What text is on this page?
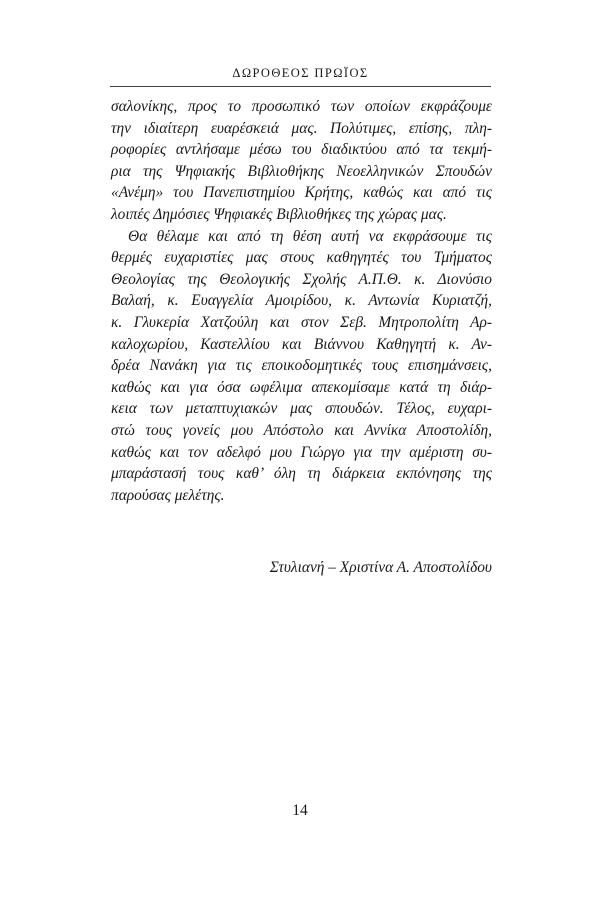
ΔΩΡΟΘΕΟΣ ΠΡΩΪΟΣ
σαλονίκης, προς το προσωπικό των οποίων εκφράζουμε
την ιδιαίτερη ευαρέσκειά μας. Πολύτιμες, επίσης, πλη-
ροφορίες αντλήσαμε μέσω του διαδικτύου από τα τεκμή-
ρια της Ψηφιακής Βιβλιοθήκης Νεοελληνικών Σπουδών
«Ανέμη» του Πανεπιστημίου Κρήτης, καθώς και από τις
λοιπές Δημόσιες Ψηφιακές Βιβλιοθήκες της χώρας μας.
Θα θέλαμε και από τη θέση αυτή να εκφράσουμε τις
θερμές ευχαριστίες μας στους καθηγητές του Τμήματος
Θεολογίας της Θεολογικής Σχολής Α.Π.Θ. κ. Διονύσιο
Βαλαή, κ. Ευαγγελία Αμοιρίδου, κ. Αντωνία Κυριατζή,
κ. Γλυκερία Χατζούλη και στον Σεβ. Μητροπολίτη Αρ-
καλοχωρίου, Καστελλίου και Βιάννου Καθηγητή κ. Αν-
δρέα Νανάκη για τις εποικοδομητικές τους επισημάνσεις,
καθώς και για όσα ωφέλιμα απεκομίσαμε κατά τη διάρ-
κεια των μεταπτυχιακών μας σπουδών. Τέλος, ευχαρι-
στώ τους γονείς μου Απόστολο και Αννίκα Αποστολίδη,
καθώς και τον αδελφό μου Γιώργο για την αμέριστη συ-
μπαράστασή τους καθ’ όλη τη διάρκεια εκπόνησης της
παρούσας μελέτης.
Στυλιανή – Χριστίνα Α. Αποστολίδου
14
